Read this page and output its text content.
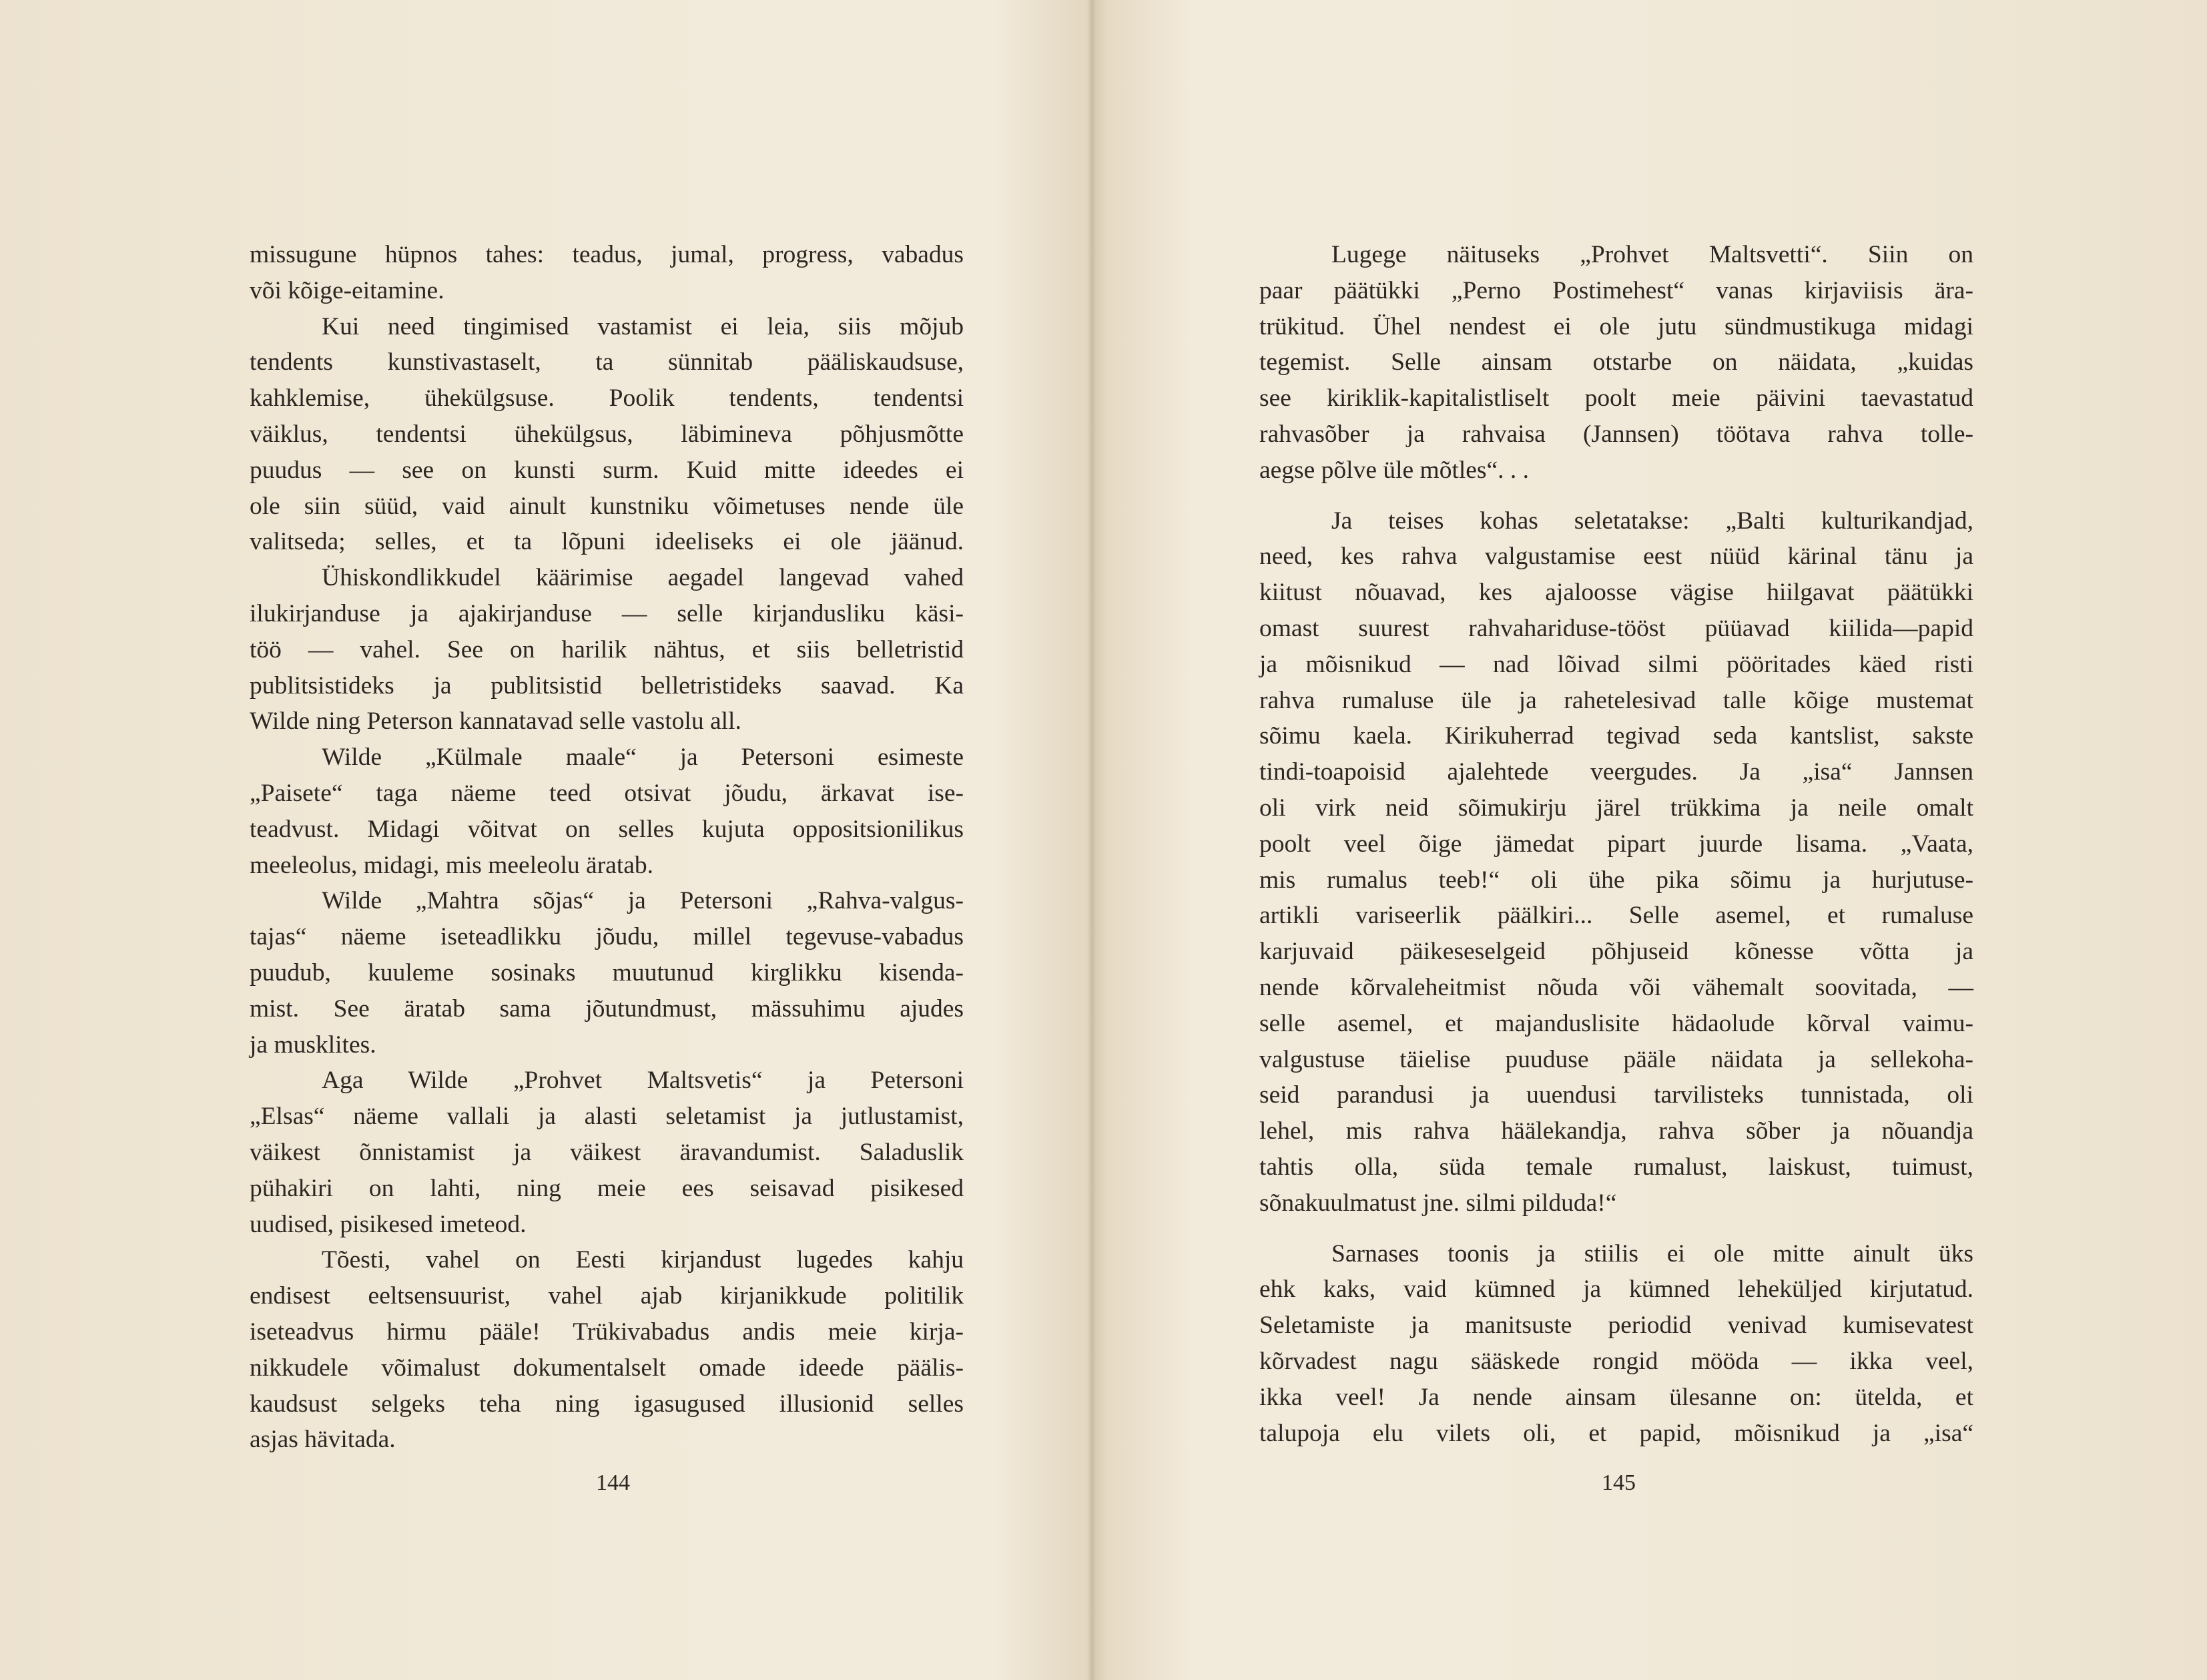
missugune hüpnos tahes: teadus, jumal, progress, vabadus
või kõige-eitamine.
Kui need tingimised vastamist ei leia, siis mõjub
tendents kunstivastaselt, ta sünnitab pääliskaudsuse,
kahklemise, ühekülgsuse. Poolik tendents, tendentsi
väiklus, tendentsi ühekülgsus, läbimineva põhjusmõtte
puudus — see on kunsti surm. Kuid mitte ideedes ei
ole siin süüd, vaid ainult kunstniku võimetuses nende üle
valitseda; selles, et ta lõpuni ideeliseks ei ole jäänud.
Ühiskondlikkudel käärimise aegadel langevad vahed
ilukirjanduse ja ajakirjanduse — selle kirjandusliku käsi-
töö — vahel. See on harilik nähtus, et siis belletristid
publitsistideks ja publitsistid belletristideks saavad. Ka
Wilde ning Peterson kannatavad selle vastolu all.
Wilde „Külmale maale“ ja Petersoni esimeste
„Paisete“ taga näeme teed otsivat jõudu, ärkavat ise-
teadvust. Midagi võitvat on selles kujuta oppositsionilikus
meeleolus, midagi, mis meeleolu äratab.
Wilde „Mahtra sõjas“ ja Petersoni „Rahva-valgus-
tajas“ näeme iseteadlikku jõudu, millel tegevuse-vabadus
puudub, kuuleme sosinaks muutunud kirglikku kisenda-
mist. See äratab sama jõutundmust, mässuhimu ajudes
ja musklites.
Aga Wilde „Prohvet Maltsvetis“ ja Petersoni
„Elsas“ näeme vallali ja alasti seletamist ja jutlustamist,
väikest õnnistamist ja väikest äravandumist. Saladuslik
pühakiri on lahti, ning meie ees seisavad pisikesed
uudised, pisikesed imeteod.
Tõesti, vahel on Eesti kirjandust lugedes kahju
endisest eeltsensuurist, vahel ajab kirjanikkude politilik
iseteadvus hirmu pääle! Trükivabadus andis meie kirja-
nikkudele võimalust dokumentalselt omade ideede päälis-
kaudsust selgeks teha ning igasugused illusionid selles
asjas hävitada.
144
Lugege näituseks „Prohvet Maltsvetti“. Siin on
paar päätükki „Perno Postimehest“ vanas kirjaviisis ära-
trükitud. Ühel nendest ei ole jutu sündmustikuga midagi
tegemist. Selle ainsam otstarbe on näidata, „kuidas
see kiriklik-kapitalistliselt poolt meie päivini taevastatud
rahvasõber ja rahvaisa (Jannsen) töötava rahva tolle-
aegse põlve üle mõtles“. . .
Ja teises kohas seletatakse: „Balti kulturikandjad,
need, kes rahva valgustamise eest nüüd kärinal tänu ja
kiitust nõuavad, kes ajaloosse vägise hiilgavat päätükki
omast suurest rahvahariduse-tööst püüavad kiilida—papid
ja mõisnikud — nad lõivad silmi pööritades käed risti
rahva rumaluse üle ja rahetelesivad talle kõige mustemat
sõimu kaela. Kirikuherrad tegivad seda kantslist, sakste
tindi-toapoisid ajalehtede veergudes. Ja „isa“ Jannsen
oli virk neid sõimukirju järel trükkima ja neile omalt
poolt veel õige jämedat pipart juurde lisama. „Vaata,
mis rumalus teeb!“ oli ühe pika sõimu ja hurjutuse-
artikli variseerlik päälkiri... Selle asemel, et rumaluse
karjuvaid päikeseselgeid põhjuseid kõnesse võtta ja
nende kõrvaleheitmist nõuda või vähemalt soovitada, —
selle asemel, et majanduslisite hädaolude kõrval vaimu-
valgustuse täielise puuduse pääle näidata ja sellekoha-
seid parandusi ja uuendusi tarvilisteks tunnistada, oli
lehel, mis rahva häälekandja, rahva sõber ja nõuandja
tahtis olla, süda temale rumalust, laiskust, tuimust,
sõnakuulmatust jne. silmi pilduda!“
Sarnases toonis ja stiilis ei ole mitte ainult üks
ehk kaks, vaid kümned ja kümned leheküljed kirjutatud.
Seletamiste ja manitsuste periodid venivad kumisevatest
kõrvadest nagu sääskede rongid mööda — ikka veel,
ikka veel! Ja nende ainsam ülesanne on: ütelda, et
talupoja elu vilets oli, et papid, mõisnikud ja „isa“
145
